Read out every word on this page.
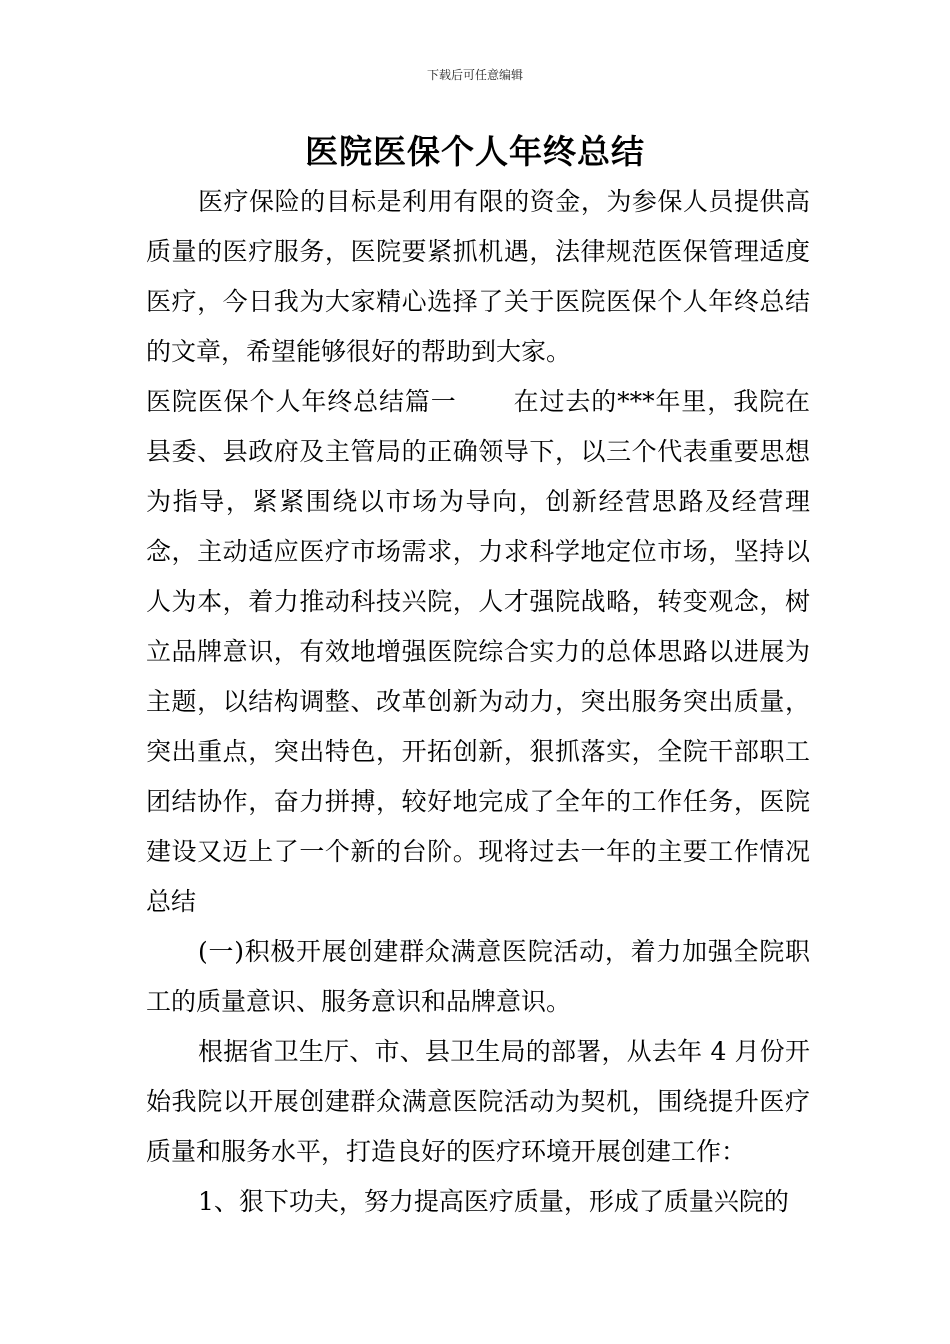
下载后可任意编辑
医院医保个人年终总结

医疗保险的目标是利用有限的资金，为参保人员提供高质量的医疗服务，医院要紧抓机遇，法律规范医保管理适度医疗，今日我为大家精心选择了关于医院医保个人年终总结的文章，希望能够很好的帮助到大家。

医院医保个人年终总结篇一 在过去的***年里，我院在县委、县政府及主管局的正确领导下，以三个代表重要思想为指导，紧紧围绕以市场为导向，创新经营思路及经营理念，主动适应医疗市场需求，力求科学地定位市场，坚持以人为本，着力推动科技兴院，人才强院战略，转变观念，树立品牌意识，有效地增强医院综合实力的总体思路以进展为主题，以结构调整、改革创新为动力，突出服务突出质量，突出重点，突出特色，开拓创新，狠抓落实，全院干部职工团结协作，奋力拼搏，较好地完成了全年的工作任务，医院建设又迈上了一个新的台阶。现将过去一年的主要工作情况总结

(一)积极开展创建群众满意医院活动，着力加强全院职工的质量意识、服务意识和品牌意识。

根据省卫生厅、市、县卫生局的部署，从去年 4 月份开始我院以开展创建群众满意医院活动为契机，围绕提升医疗质量和服务水平，打造良好的医疗环境开展创建工作：

1、狠下功夫，努力提高医疗质量，形成了质量兴院的
